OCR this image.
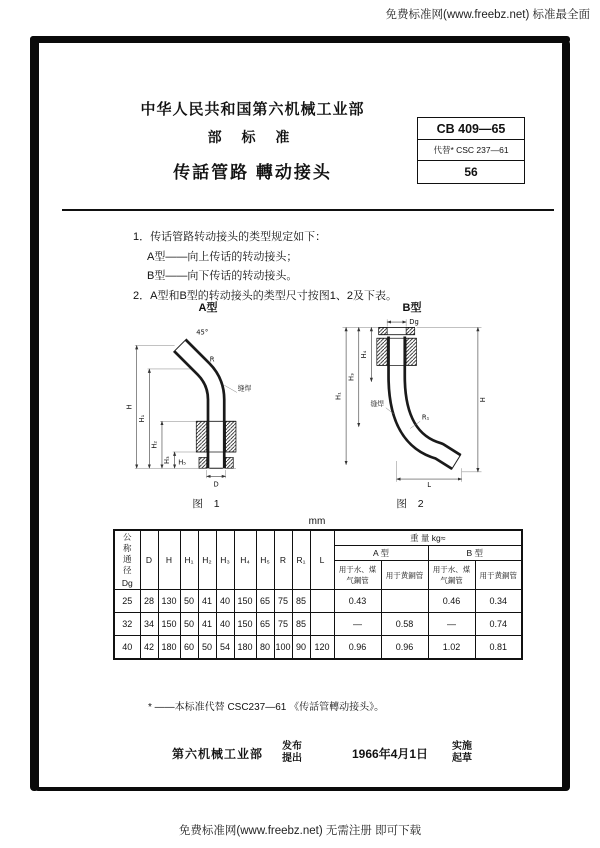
免费标准网(www.freebz.net) 标准最全面
中华人民共和国第六机械工业部
部 标 准
传話管路 轉动接头
CB 409—65
代替* CSC 237—61
56
1．传话管路转动接头的类型规定如下：
A型——向上传话的转动接头；
B型——向下传话的转动接头。
2．A型和B型的转动接头的类型尺寸按图1、2及下表。
A型
H
H₁
H₂
H₃ H₅
45°
R
缝焊
D
图 1
B型
H₁
H₃
H₄
H
Dg
缝焊
R₁
L
图 2
mm
公称通径
Dg	D	H	H₁	H₂	H₃	H₄	H₅	R	R₁	L	重 量 kg≈			
											A 型		B 型	
											用于水、煤气鋼管	用于黄銅管	用于水、煤气鋼管	用于黄銅管
25	28	130	50	41	40	150	65	75	85		0.43		0.46	0.34
32	34	150	50	41	40	150	65	75	85		—	0.58	—	0.74
40	42	180	60	50	54	180	80	100	90	120	0.96	0.96	1.02	0.81
* ——本标准代替 CSC237—61 《传話管轉动接头》。
第六机械工业部
发布
提出	1966年4月1日
实施
起草
免费标准网(www.freebz.net) 无需注册 即可下载
